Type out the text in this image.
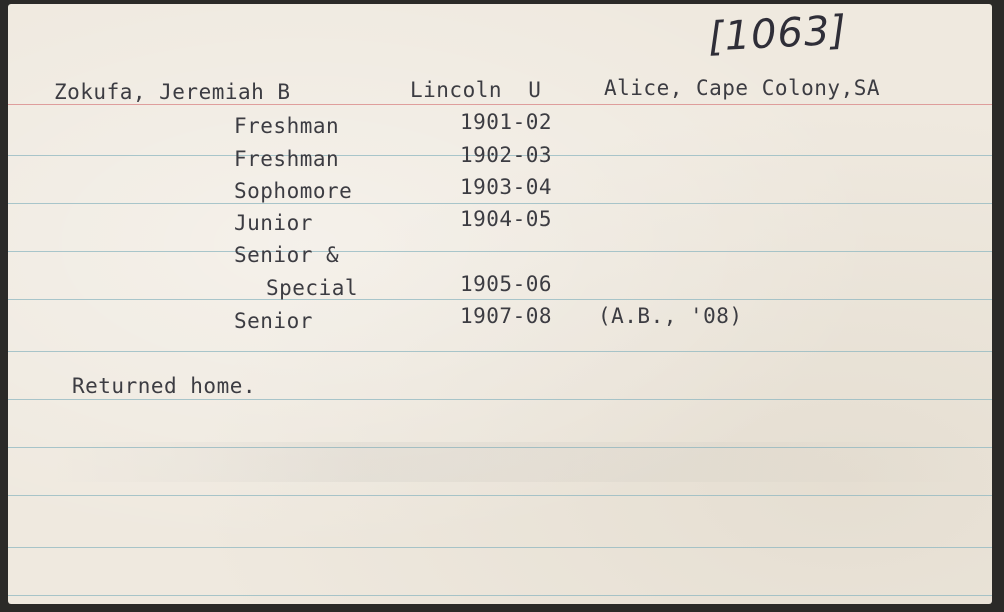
[1063]

Zokufa, Jeremiah B	Lincoln  U	Alice, Cape Colony,SA

Freshman	1901-02

Freshman	1902-03

Sophomore	1903-04

Junior	1904-05

Senior &

Special	1905-06

Senior	1907-08 (A.B., '08)

Returned home.
